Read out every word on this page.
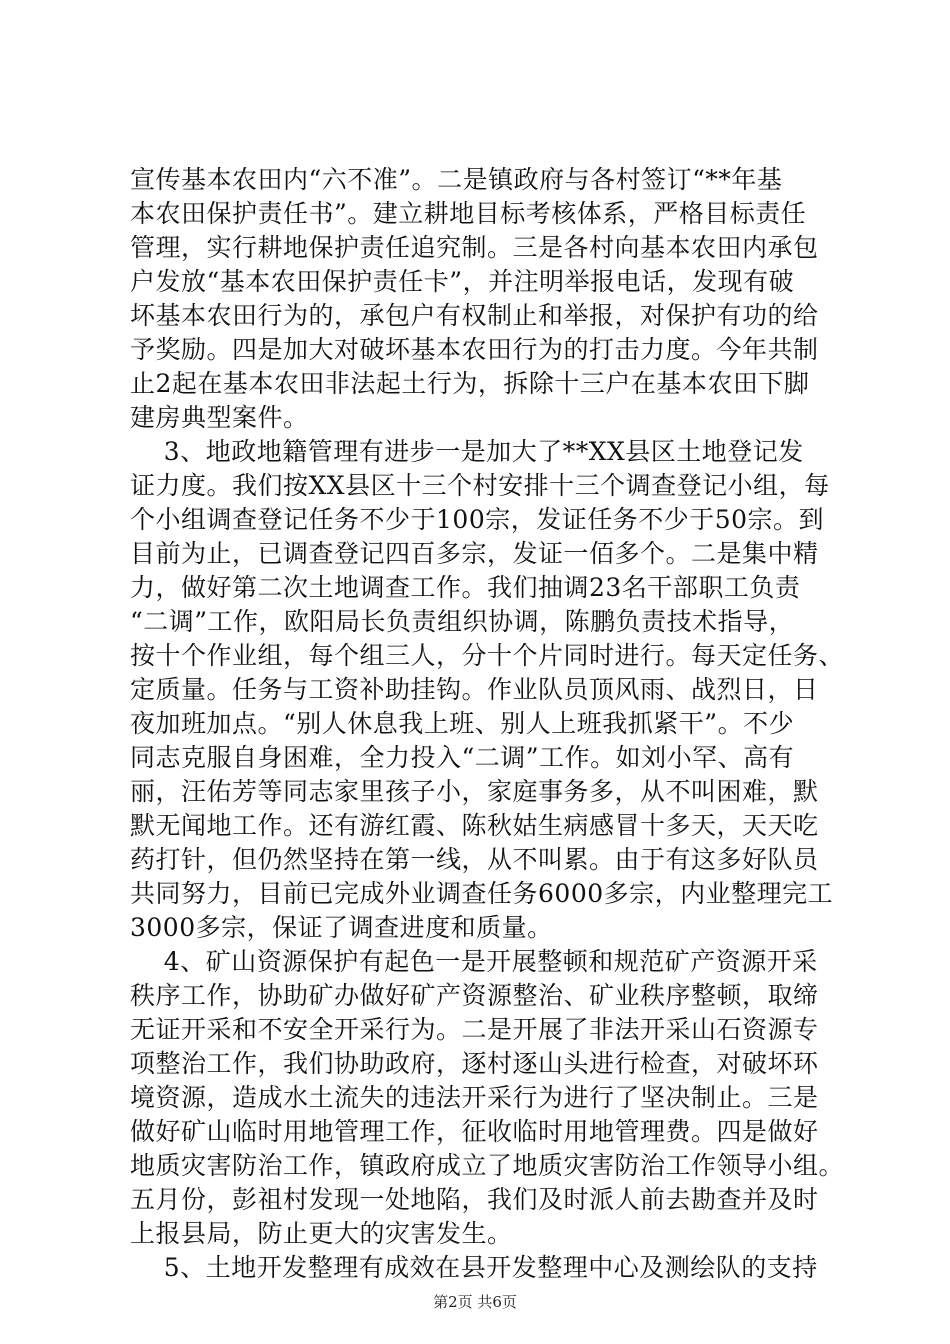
宣传基本农田内“六不准”。二是镇政府与各村签订“**年基
本农田保护责任书”。建立耕地目标考核体系，严格目标责任
管理，实行耕地保护责任追究制。三是各村向基本农田内承包
户发放“基本农田保护责任卡”，并注明举报电话，发现有破
坏基本农田行为的，承包户有权制止和举报，对保护有功的给
予奖励。四是加大对破坏基本农田行为的打击力度。今年共制
止2起在基本农田非法起土行为，拆除十三户在基本农田下脚
建房典型案件。
3、地政地籍管理有进步一是加大了**XX县区土地登记发
证力度。我们按XX县区十三个村安排十三个调查登记小组，每
个小组调查登记任务不少于100宗，发证任务不少于50宗。到
目前为止，已调查登记四百多宗，发证一佰多个。二是集中精
力，做好第二次土地调查工作。我们抽调23名干部职工负责
“二调”工作，欧阳局长负责组织协调，陈鹏负责技术指导，
按十个作业组，每个组三人，分十个片同时进行。每天定任务、
定质量。任务与工资补助挂钩。作业队员顶风雨、战烈日，日
夜加班加点。“别人休息我上班、别人上班我抓紧干”。不少
同志克服自身困难，全力投入“二调”工作。如刘小罕、高有
丽，汪佑芳等同志家里孩子小，家庭事务多，从不叫困难，默
默无闻地工作。还有游红霞、陈秋姑生病感冒十多天，天天吃
药打针，但仍然坚持在第一线，从不叫累。由于有这多好队员
共同努力，目前已完成外业调查任务6000多宗，内业整理完工
3000多宗，保证了调查进度和质量。
4、矿山资源保护有起色一是开展整顿和规范矿产资源开采
秩序工作，协助矿办做好矿产资源整治、矿业秩序整顿，取缔
无证开采和不安全开采行为。二是开展了非法开采山石资源专
项整治工作，我们协助政府，逐村逐山头进行检查，对破坏环
境资源，造成水土流失的违法开采行为进行了坚决制止。三是
做好矿山临时用地管理工作，征收临时用地管理费。四是做好
地质灾害防治工作，镇政府成立了地质灾害防治工作领导小组。
五月份，彭祖村发现一处地陷，我们及时派人前去勘查并及时
上报县局，防止更大的灾害发生。
5、土地开发整理有成效在县开发整理中心及测绘队的支持
第2页 共6页
